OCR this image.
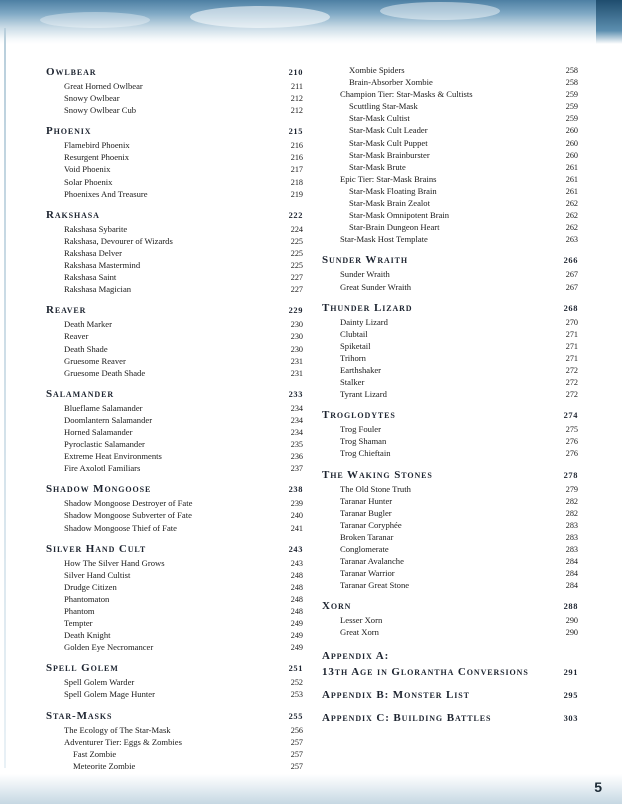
Owlbear	210
Great Horned Owlbear	211
Snowy Owlbear	212
Snowy Owlbear Cub	212
Phoenix	215
Flamebird Phoenix	216
Resurgent Phoenix	216
Void Phoenix	217
Solar Phoenix	218
Phoenixes And Treasure	219
Rakshasa	222
Rakshasa Sybarite	224
Rakshasa, Devourer of Wizards	225
Rakshasa Delver	225
Rakshasa Mastermind	225
Rakshasa Saint	227
Rakshasa Magician	227
Reaver	229
Death Marker	230
Reaver	230
Death Shade	230
Gruesome Reaver	231
Gruesome Death Shade	231
Salamander	233
Blueflame Salamander	234
Doomlantern Salamander	234
Horned Salamander	234
Pyroclastic Salamander	235
Extreme Heat Environments	236
Fire Axolotl Familiars	237
Shadow Mongoose	238
Shadow Mongoose Destroyer of Fate	239
Shadow Mongoose Subverter of Fate	240
Shadow Mongoose Thief of Fate	241
Silver Hand Cult	243
How The Silver Hand Grows	243
Silver Hand Cultist	248
Drudge Citizen	248
Phantomaton	248
Phantom	248
Tempter	249
Death Knight	249
Golden Eye Necromancer	249
Spell Golem	251
Spell Golem Warder	252
Spell Golem Mage Hunter	253
Star-Masks	255
The Ecology of The Star-Mask	256
Adventurer Tier: Eggs & Zombies	257
Fast Zombie	257
Meteorite Zombie	257
Xombie Spiders	258
Brain-Absorber Xombie	258
Champion Tier: Star-Masks & Cultists	259
Scuttling Star-Mask	259
Star-Mask Cultist	259
Star-Mask Cult Leader	260
Star-Mask Cult Puppet	260
Star-Mask Brainburster	260
Star-Mask Brute	261
Epic Tier: Star-Mask Brains	261
Star-Mask Floating Brain	261
Star-Mask Brain Zealot	262
Star-Mask Omnipotent Brain	262
Star-Brain Dungeon Heart	262
Star-Mask Host Template	263
Sunder Wraith	266
Sunder Wraith	267
Great Sunder Wraith	267
Thunder Lizard	268
Dainty Lizard	270
Clubtail	271
Spiketail	271
Trihorn	271
Earthshaker	272
Stalker	272
Tyrant Lizard	272
Troglodytes	274
Trog Fouler	275
Trog Shaman	276
Trog Chieftain	276
The Waking Stones	278
The Old Stone Truth	279
Taranar Hunter	282
Taranar Bugler	282
Taranar Coryphée	283
Broken Taranar	283
Conglomerate	283
Taranar Avalanche	284
Taranar Warrior	284
Taranar Great Stone	284
Xorn	288
Lesser Xorn	290
Great Xorn	290
Appendix A:
13th Age in Glorantha Conversions	291
Appendix B: Monster List	295
Appendix C: Building Battles	303
5
